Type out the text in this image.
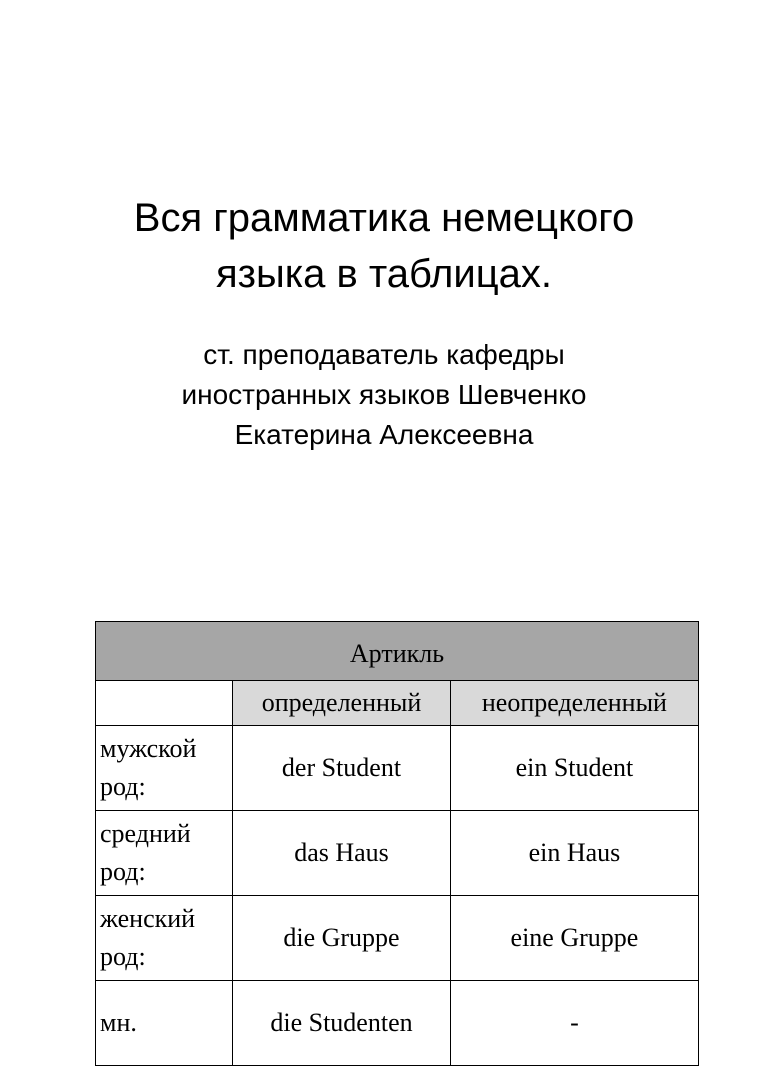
Вся грамматика немецкого
языка в таблицах.
ст. преподаватель кафедры
иностранных языков Шевченко
Екатерина Алексеевна
Артикль		
	определенный	неопределенный
мужской
род:	der Student	ein Student
средний
род:	das Haus	ein Haus
женский
род:	die Gruppe	eine Gruppe
мн.	die Studenten	-
